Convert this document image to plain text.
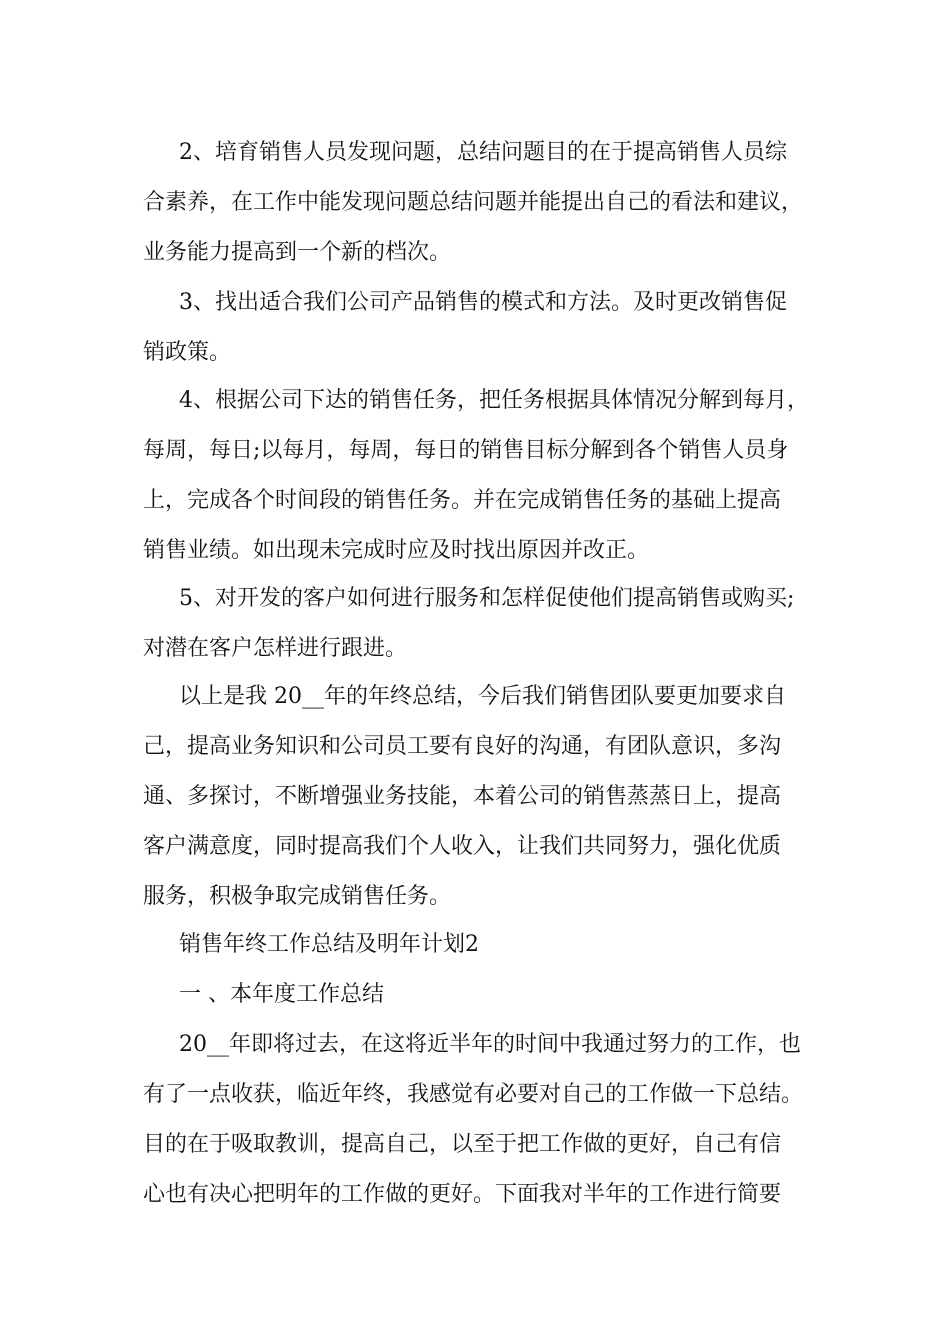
2、培育销售人员发现问题，总结问题目的在于提高销售人员综
合素养，在工作中能发现问题总结问题并能提出自己的看法和建议，
业务能力提高到一个新的档次。
3、找出适合我们公司产品销售的模式和方法。及时更改销售促
销政策。
4、根据公司下达的销售任务，把任务根据具体情况分解到每月，
每周，每日;以每月，每周，每日的销售目标分解到各个销售人员身
上，完成各个时间段的销售任务。并在完成销售任务的基础上提高
销售业绩。如出现未完成时应及时找出原因并改正。
5、对开发的客户如何进行服务和怎样促使他们提高销售或购买;
对潜在客户怎样进行跟进。
以上是我 20__年的年终总结，今后我们销售团队要更加要求自
己，提高业务知识和公司员工要有良好的沟通，有团队意识，多沟
通、多探讨，不断增强业务技能，本着公司的销售蒸蒸日上，提高
客户满意度，同时提高我们个人收入，让我们共同努力，强化优质
服务，积极争取完成销售任务。
销售年终工作总结及明年计划2
一 、本年度工作总结
20__年即将过去，在这将近半年的时间中我通过努力的工作，也
有了一点收获，临近年终，我感觉有必要对自己的工作做一下总结。
目的在于吸取教训，提高自己，以至于把工作做的更好，自己有信
心也有决心把明年的工作做的更好。下面我对半年的工作进行简要
